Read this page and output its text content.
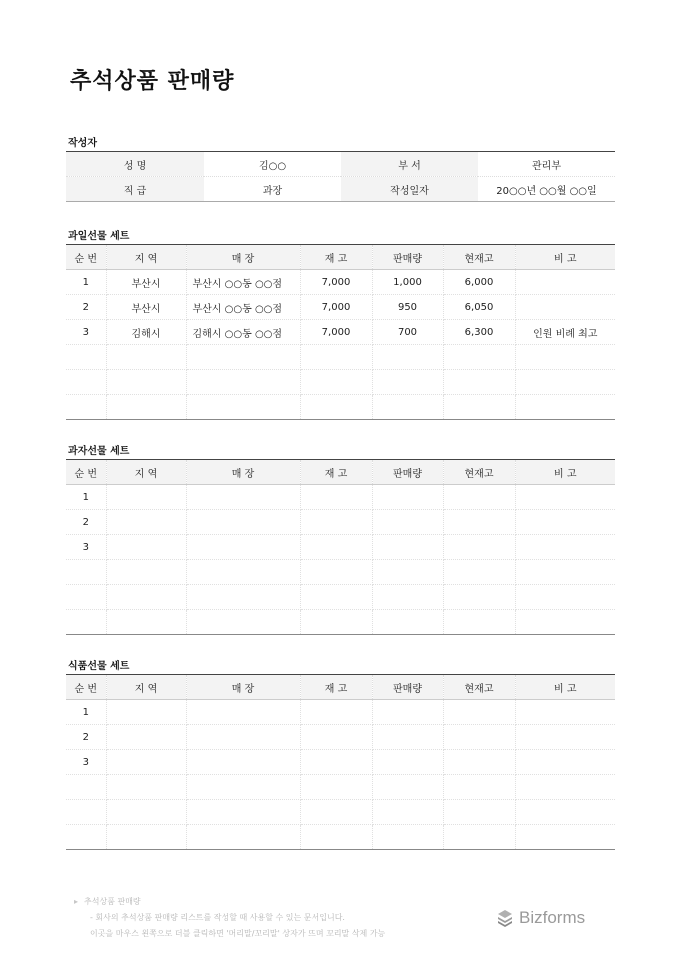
추석상품 판매량
작성자
성 명	김○○	부 서	관리부
직 급	과장	작성일자	20○○년 ○○월 ○○일
과일선물 세트
순 번	지 역	매 장	재 고	판매량	현재고	비 고
1	부산시	부산시 ○○동 ○○점	7,000	1,000	6,000	
2	부산시	부산시 ○○동 ○○점	7,000	950	6,050	
3	김해시	김해시 ○○동 ○○점	7,000	700	6,300	인원 비례 최고

과자선물 세트
순 번	지 역	매 장	재 고	판매량	현재고	비 고
1						
2						
3						

식품선물 세트
순 번	지 역	매 장	재 고	판매량	현재고	비 고
1						
2						
3						

▸ 추석상품 판매량
- 회사의 추석상품 판매량 리스트를 작성할 때 사용할 수 있는 문서입니다.
이곳을 마우스 왼쪽으로 더블 클릭하면 '머리말/꼬리말' 상자가 뜨며 꼬리말 삭제 가능
Bizforms
